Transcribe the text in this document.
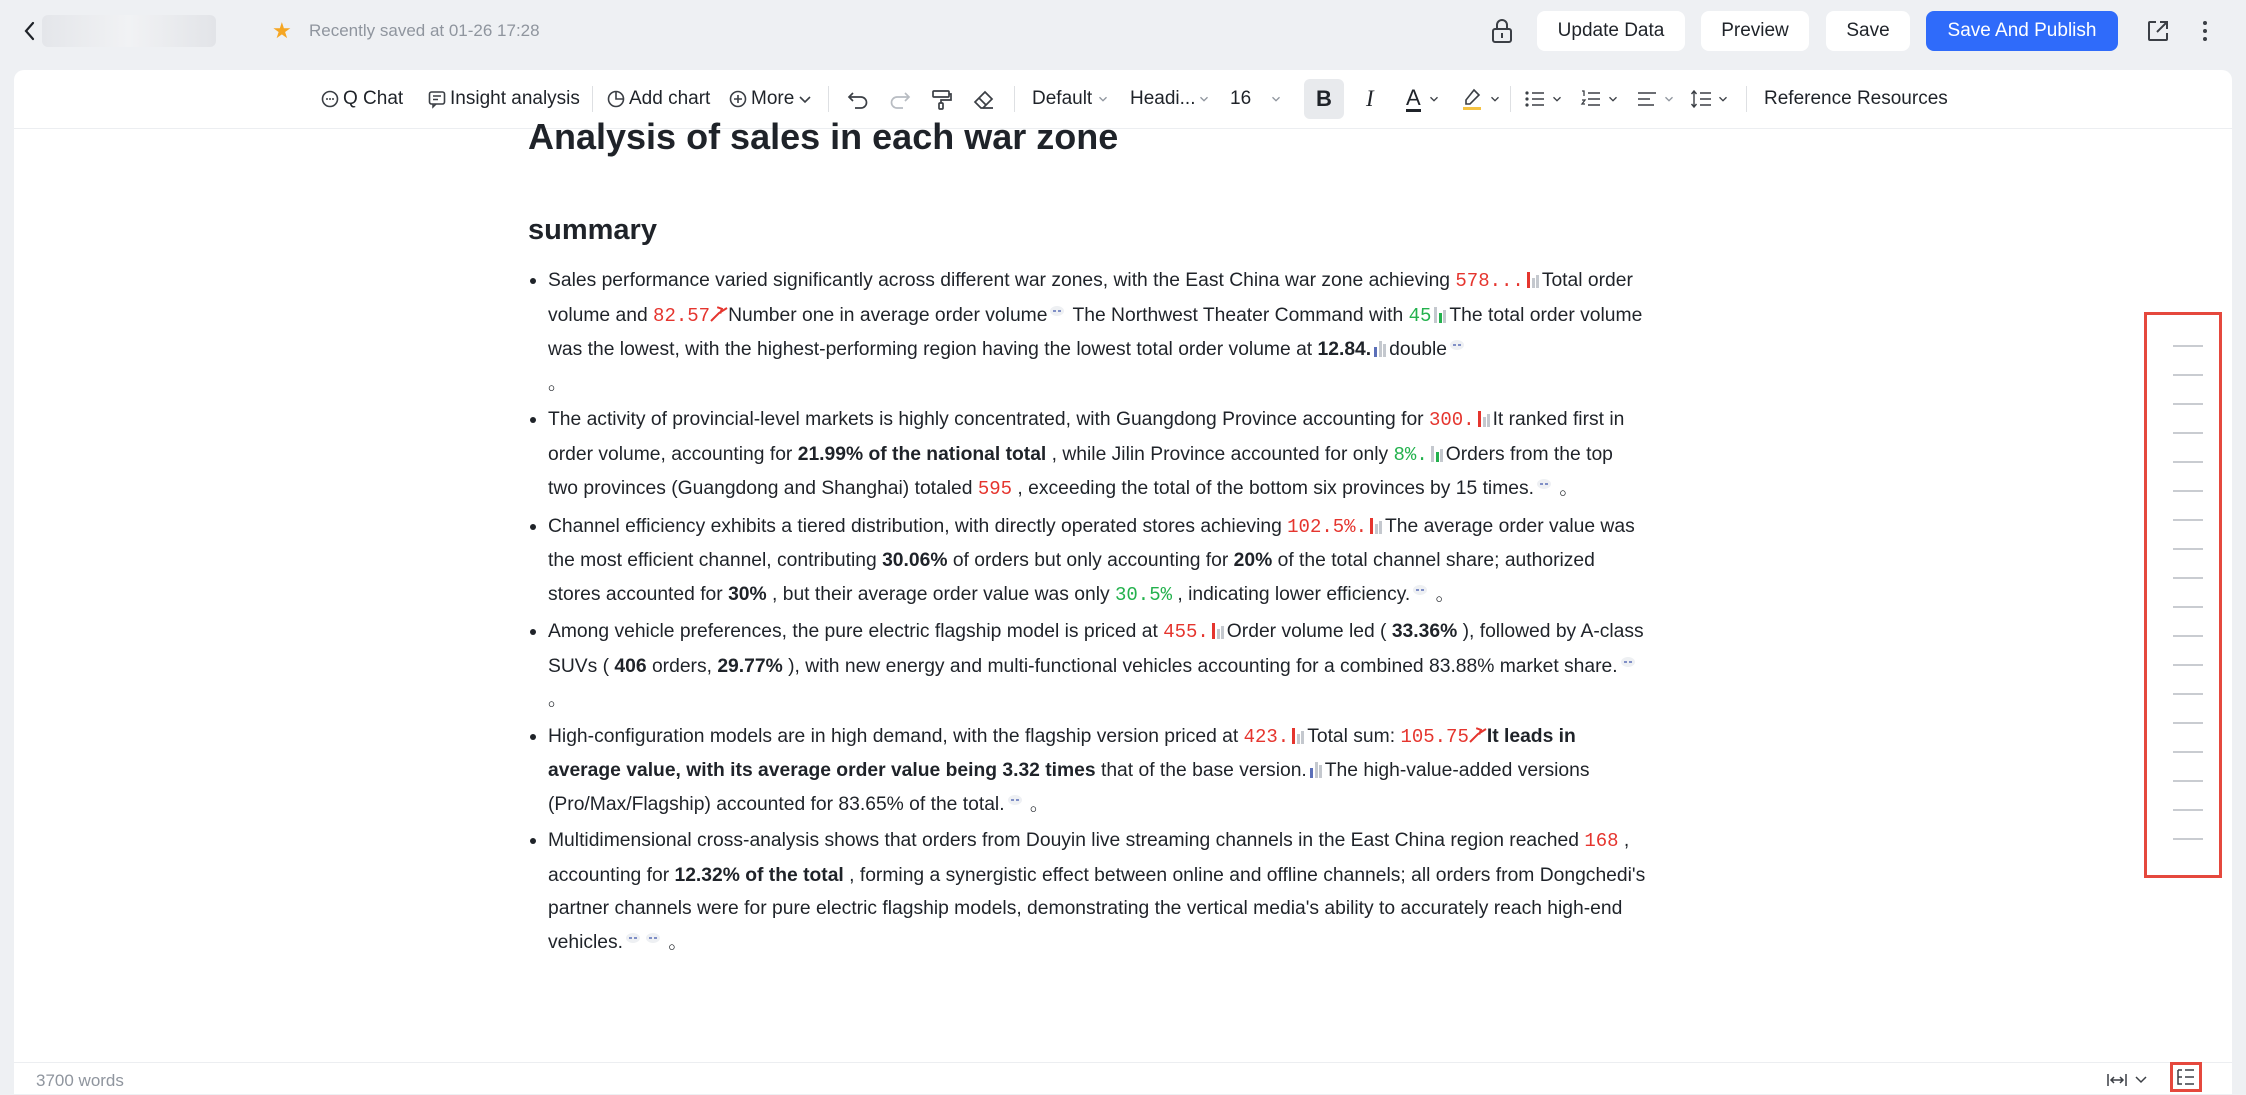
★ Recently saved at 01-26 17:28	Update Data	Preview	Save	Save And Publish
Q Chat Insight analysis	Add chart More	Default Headi... 16	B	I A	Reference Resources
3700 words
Analysis of sales in each war zone
summary
Sales performance varied significantly across different war zones, with the East China war zone achieving 578... Total order volume and 82.57 Number one in average order volume The Northwest Theater Command with 45 The total order volume was the lowest, with the highest-performing region having the lowest total order volume at 12.84. double
。
The activity of provincial-level markets is highly concentrated, with Guangdong Province accounting for 300. It ranked first in order volume, accounting for 21.99% of the national total , while Jilin Province accounted for only 8%. Orders from the top two provinces (Guangdong and Shanghai) totaled 595 , exceeding the total of the bottom six provinces by 15 times. 。
Channel efficiency exhibits a tiered distribution, with directly operated stores achieving 102.5%. The average order value was the most efficient channel, contributing 30.06% of orders but only accounting for 20% of the total channel share; authorized stores accounted for 30% , but their average order value was only 30.5% , indicating lower efficiency. 。
Among vehicle preferences, the pure electric flagship model is priced at 455. Order volume led ( 33.36% ), followed by A-class SUVs ( 406 orders, 29.77% ), with new energy and multi-functional vehicles accounting for a combined 83.88% market share. 。
High-configuration models are in high demand, with the flagship version priced at 423. Total sum: 105.75 It leads in average value, with its average order value being 3.32 times that of the base version. The high-value-added versions (Pro/Max/Flagship) accounted for 83.65% of the total. 。
Multidimensional cross-analysis shows that orders from Douyin live streaming channels in the East China region reached 168 , accounting for 12.32% of the total , forming a synergistic effect between online and offline channels; all orders from Dongchedi's partner channels were for pure electric flagship models, demonstrating the vertical media's ability to accurately reach high-end vehicles. 。
